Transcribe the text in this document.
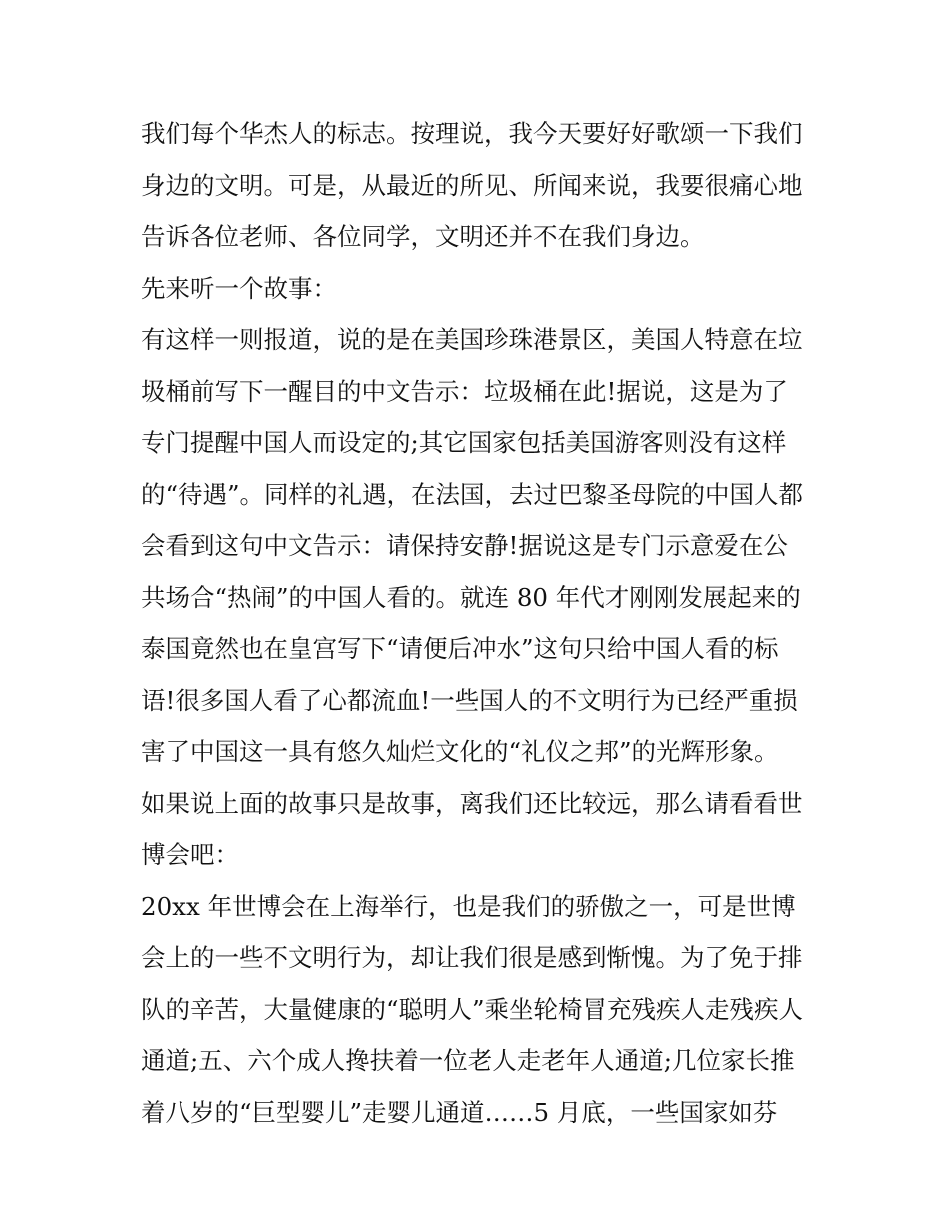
我们每个华杰人的标志。按理说，我今天要好好歌颂一下我们
身边的文明。可是，从最近的所见、所闻来说，我要很痛心地
告诉各位老师、各位同学，文明还并不在我们身边。
先来听一个故事：
有这样一则报道，说的是在美国珍珠港景区，美国人特意在垃
圾桶前写下一醒目的中文告示：垃圾桶在此!据说，这是为了
专门提醒中国人而设定的;其它国家包括美国游客则没有这样
的“待遇”。同样的礼遇，在法国，去过巴黎圣母院的中国人都
会看到这句中文告示：请保持安静!据说这是专门示意爱在公
共场合“热闹”的中国人看的。就连 80 年代才刚刚发展起来的
泰国竟然也在皇宫写下“请便后冲水”这句只给中国人看的标
语!很多国人看了心都流血!一些国人的不文明行为已经严重损
害了中国这一具有悠久灿烂文化的“礼仪之邦”的光辉形象。
如果说上面的故事只是故事，离我们还比较远，那么请看看世
博会吧：
20xx 年世博会在上海举行，也是我们的骄傲之一，可是世博
会上的一些不文明行为，却让我们很是感到惭愧。为了免于排
队的辛苦，大量健康的“聪明人”乘坐轮椅冒充残疾人走残疾人
通道;五、六个成人搀扶着一位老人走老年人通道;几位家长推
着八岁的“巨型婴儿”走婴儿通道……5 月底，一些国家如芬
